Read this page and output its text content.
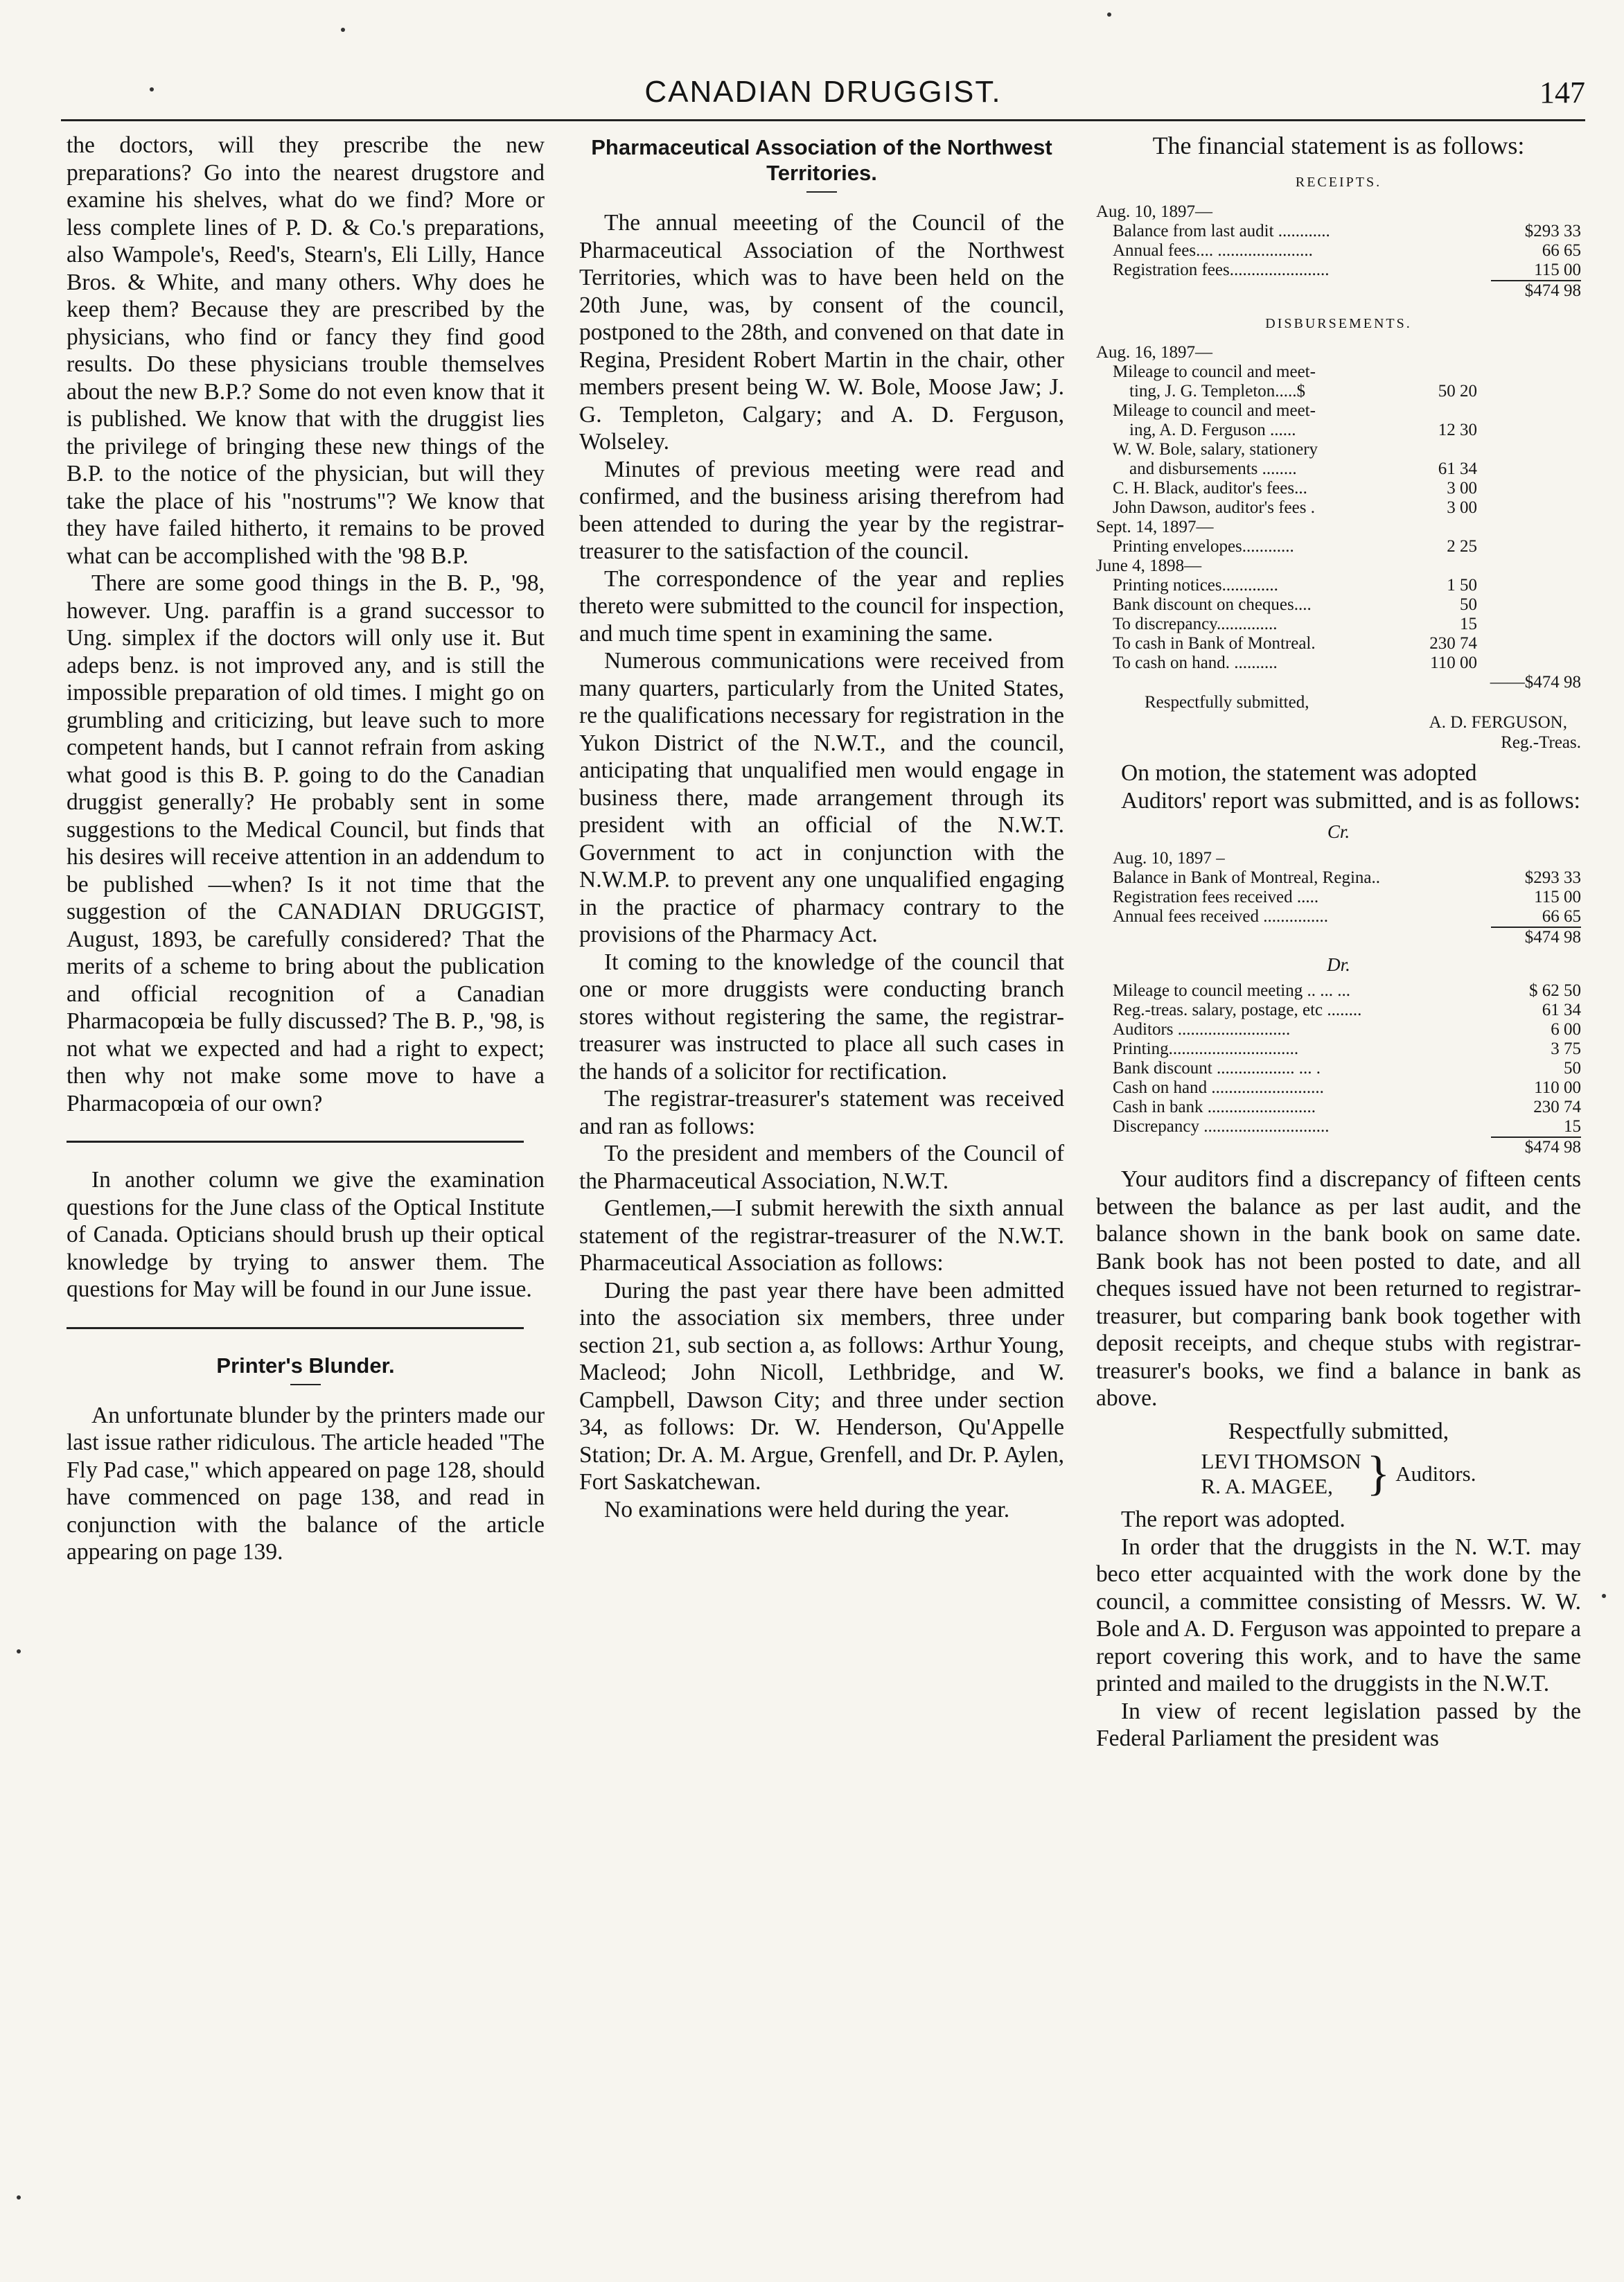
CANADIAN DRUGGIST.	147

the doctors, will they prescribe the new preparations? Go into the nearest drugstore and examine his shelves, what do we find? More or less complete lines of P. D. & Co.'s preparations, also Wampole's, Reed's, Stearn's, Eli Lilly, Hance Bros. & White, and many others. Why does he keep them? Because they are prescribed by the physicians, who find or fancy they find good results. Do these physicians trouble themselves about the new B.P.? Some do not even know that it is published. We know that with the druggist lies the privilege of bringing these new things of the B.P. to the notice of the physician, but will they take the place of his "nostrums"? We know that they have failed hitherto, it remains to be proved what can be accomplished with the '98 B.P.

There are some good things in the B. P., '98, however. Ung. paraffin is a grand successor to Ung. simplex if the doctors will only use it. But adeps benz. is not improved any, and is still the impossible preparation of old times. I might go on grumbling and criticizing, but leave such to more competent hands, but I cannot refrain from asking what good is this B. P. going to do the Canadian druggist generally? He probably sent in some suggestions to the Medical Council, but finds that his desires will receive attention in an addendum to be published —when? Is it not time that the suggestion of the CANADIAN DRUGGIST, August, 1893, be carefully considered? That the merits of a scheme to bring about the publication and official recognition of a Canadian Pharmacopœia be fully discussed? The B. P., '98, is not what we expected and had a right to expect; then why not make some move to have a Pharmacopœia of our own?

In another column we give the examination questions for the June class of the Optical Institute of Canada. Opticians should brush up their optical knowledge by trying to answer them. The questions for May will be found in our June issue.

Printer's Blunder.

An unfortunate blunder by the printers made our last issue rather ridiculous. The article headed "The Fly Pad case," which appeared on page 128, should have commenced on page 138, and read in conjunction with the balance of the article appearing on page 139.

Pharmaceutical Association of the Northwest Territories.

The annual meeeting of the Council of the Pharmaceutical Association of the Northwest Territories, which was to have been held on the 20th June, was, by consent of the council, postponed to the 28th, and convened on that date in Regina, President Robert Martin in the chair, other members present being W. W. Bole, Moose Jaw; J. G. Templeton, Calgary; and A. D. Ferguson, Wolseley.

Minutes of previous meeting were read and confirmed, and the business arising therefrom had been attended to during the year by the registrar-treasurer to the satisfaction of the council.

The correspondence of the year and replies thereto were submitted to the council for inspection, and much time spent in examining the same.

Numerous communications were received from many quarters, particularly from the United States, re the qualifications necessary for registration in the Yukon District of the N.W.T., and the council, anticipating that unqualified men would engage in business there, made arrangement through its president with an official of the N.W.T. Government to act in conjunction with the N.W.M.P. to prevent any one unqualified engaging in the practice of pharmacy contrary to the provisions of the Pharmacy Act.

It coming to the knowledge of the council that one or more druggists were conducting branch stores without registering the same, the registrar-treasurer was instructed to place all such cases in the hands of a solicitor for rectification.

The registrar-treasurer's statement was received and ran as follows:

To the president and members of the Council of the Pharmaceutical Association, N.W.T.

Gentlemen,—I submit herewith the sixth annual statement of the registrar-treasurer of the N.W.T. Pharmaceutical Association as follows:

During the past year there have been admitted into the association six members, three under section 21, sub section a, as follows: Arthur Young, Macleod; John Nicoll, Lethbridge, and W. Campbell, Dawson City; and three under section 34, as follows: Dr. W. Henderson, Qu'Appelle Station; Dr. A. M. Argue, Grenfell, and Dr. P. Aylen, Fort Saskatchewan.

No examinations were held during the year.

The financial statement is as follows:

RECEIPTS.
Aug. 10, 1897—
Balance from last audit ............	$293 33
Annual fees.... ......................	66 65
Registration fees.......................	115 00
$474 98
DISBURSEMENTS.
Aug. 16, 1897—
Mileage to council and meet-
ting, J. G. Templeton.....$	50 20
Mileage to council and meet-
ing, A. D. Ferguson ......	12 30
W. W. Bole, salary, stationery
and disbursements ........	61 34
C. H. Black, auditor's fees...	3 00
John Dawson, auditor's fees .	3 00
Sept. 14, 1897—
Printing envelopes............	2 25
June 4, 1898—
Printing notices.............	1 50
Bank discount on cheques....	50
To discrepancy..............	15
To cash in Bank of Montreal.	230 74
To cash on hand. ..........	110 00
——$474 98
Respectfully submitted,
A. D. FERGUSON,
Reg.-Treas.

On motion, the statement was adopted

Auditors' report was submitted, and is as follows:

Cr.
Aug. 10, 1897 –
Balance in Bank of Montreal, Regina..	$293 33
Registration fees received .....	115 00
Annual fees received ...............	66 65
$474 98
Dr.
Mileage to council meeting .. ... ...	$ 62 50
Reg.-treas. salary, postage, etc ........	61 34
Auditors ..........................	6 00
Printing..............................	3 75
Bank discount .................. ... .	50
Cash on hand ..........................	110 00
Cash in bank .........................	230 74
Discrepancy .............................	15
$474 98

Your auditors find a discrepancy of fifteen cents between the balance as per last audit, and the balance shown in the bank book on same date. Bank book has not been posted to date, and all cheques issued have not been returned to registrar-treasurer, but comparing bank book together with deposit receipts, and cheque stubs with registrar-treasurer's books, we find a balance in bank as above.

Respectfully submitted,
LEVI THOMSON
R. A. MAGEE, } Auditors.

The report was adopted.

In order that the druggists in the N. W.T. may beco etter acquainted with the work done by the council, a committee consisting of Messrs. W. W. Bole and A. D. Ferguson was appointed to prepare a report covering this work, and to have the same printed and mailed to the druggists in the N.W.T.

In view of recent legislation passed by the Federal Parliament the president was
